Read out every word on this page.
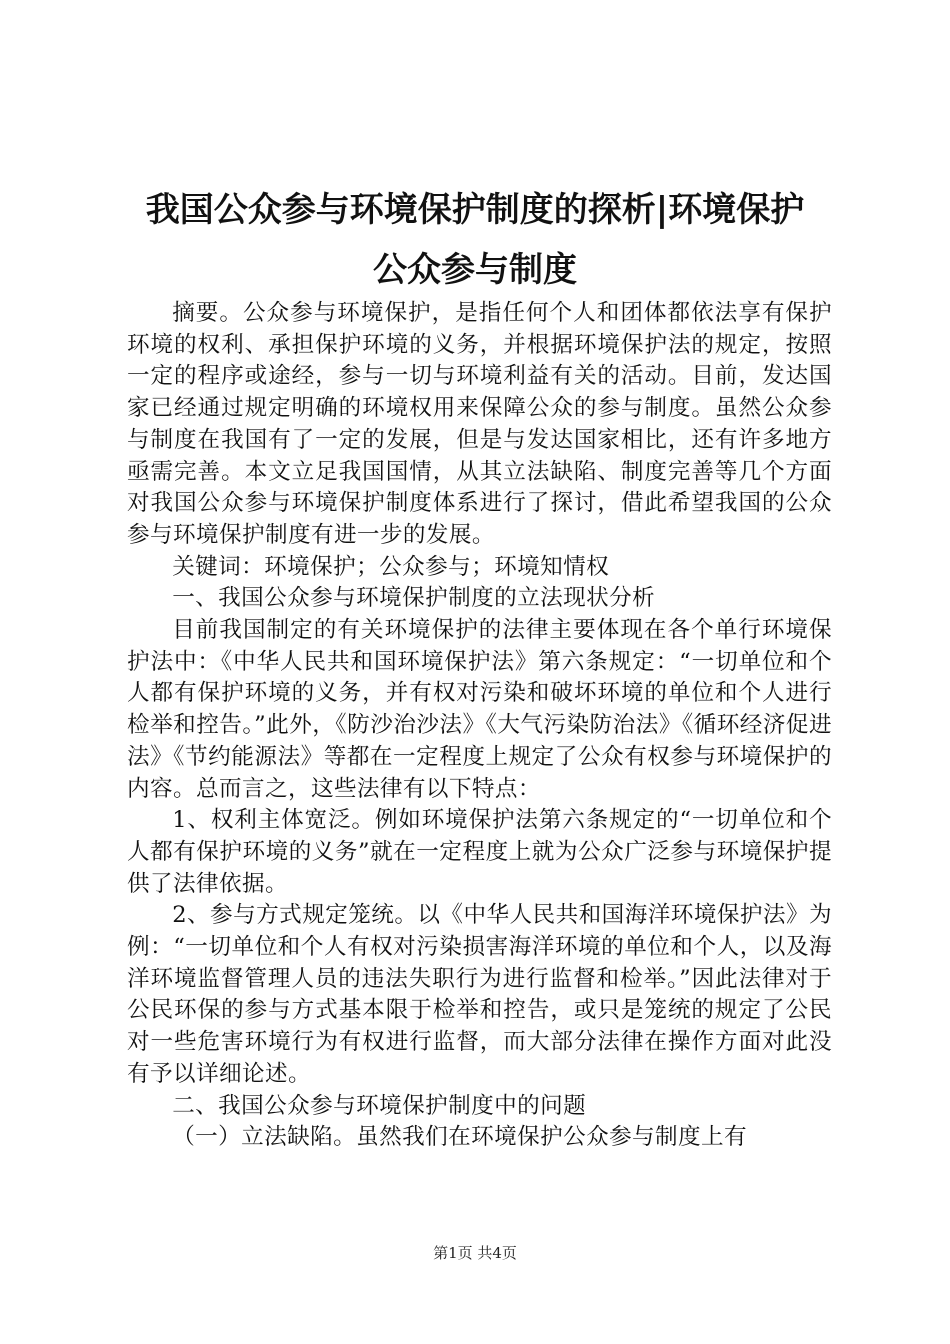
我国公众参与环境保护制度的探析|环境保护
公众参与制度

摘要。公众参与环境保护，是指任何个人和团体都依法享有保护环境的权利、承担保护环境的义务，并根据环境保护法的规定，按照一定的程序或途经，参与一切与环境利益有关的活动。目前，发达国家已经通过规定明确的环境权用来保障公众的参与制度。虽然公众参与制度在我国有了一定的发展，但是与发达国家相比，还有许多地方亟需完善。本文立足我国国情，从其立法缺陷、制度完善等几个方面对我国公众参与环境保护制度体系进行了探讨，借此希望我国的公众参与环境保护制度有进一步的发展。

关键词：环境保护；公众参与；环境知情权

一、我国公众参与环境保护制度的立法现状分析

目前我国制定的有关环境保护的法律主要体现在各个单行环境保护法中：《中华人民共和国环境保护法》第六条规定：“一切单位和个人都有保护环境的义务，并有权对污染和破坏环境的单位和个人进行检举和控告。”此外，《防沙治沙法》《大气污染防治法》《循环经济促进法》《节约能源法》等都在一定程度上规定了公众有权参与环境保护的内容。总而言之，这些法律有以下特点：

1、权利主体宽泛。例如环境保护法第六条规定的“一切单位和个人都有保护环境的义务”就在一定程度上就为公众广泛参与环境保护提供了法律依据。

2、参与方式规定笼统。以《中华人民共和国海洋环境保护法》为例：“一切单位和个人有权对污染损害海洋环境的单位和个人，以及海洋环境监督管理人员的违法失职行为进行监督和检举。”因此法律对于公民环保的参与方式基本限于检举和控告，或只是笼统的规定了公民对一些危害环境行为有权进行监督，而大部分法律在操作方面对此没有予以详细论述。

二、我国公众参与环境保护制度中的问题

（一）立法缺陷。虽然我们在环境保护公众参与制度上有

第1页 共4页
